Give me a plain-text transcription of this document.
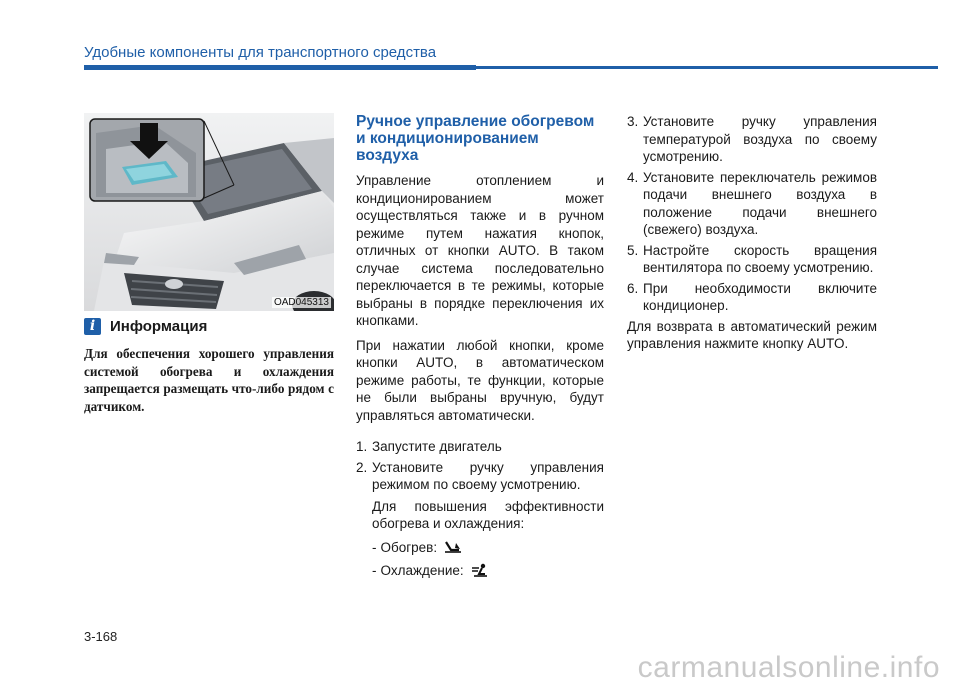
Удобные компоненты для транспортного средства
OAD045313
i Информация
Для обеспечения хорошего управления системой обогрева и охлаждения запрещается размещать что-либо рядом с датчиком.
Ручное управление обогревом и кондиционированием воздуха

Управление отоплением и кондиционированием может осуществляться также и в ручном режиме путем нажатия кнопок, отличных от кнопки AUTO. В таком случае система последовательно переключается в те режимы, которые выбраны в порядке переключения их кнопками.

При нажатии любой кнопки, кроме кнопки AUTO, в автоматическом режиме работы, те функции, которые не были выбраны вручную, будут управляться автоматически.

1. Запустите двигатель
2. Установите ручку управления режимом по своему усмотрению.
Для повышения эффективности обогрева и охлаждения:
- Обогрев:
- Охлаждение:
3. Установите ручку управления температурой воздуха по своему усмотрению.
4. Установите переключатель режимов подачи внешнего воздуха в положение подачи внешнего (свежего) воздуха.
5. Настройте скорость вращения вентилятора по своему усмотрению.
6. При необходимости включите кондиционер.

Для возврата в автоматический режим управления нажмите кнопку AUTO.

3-168
carmanualsonline.info
